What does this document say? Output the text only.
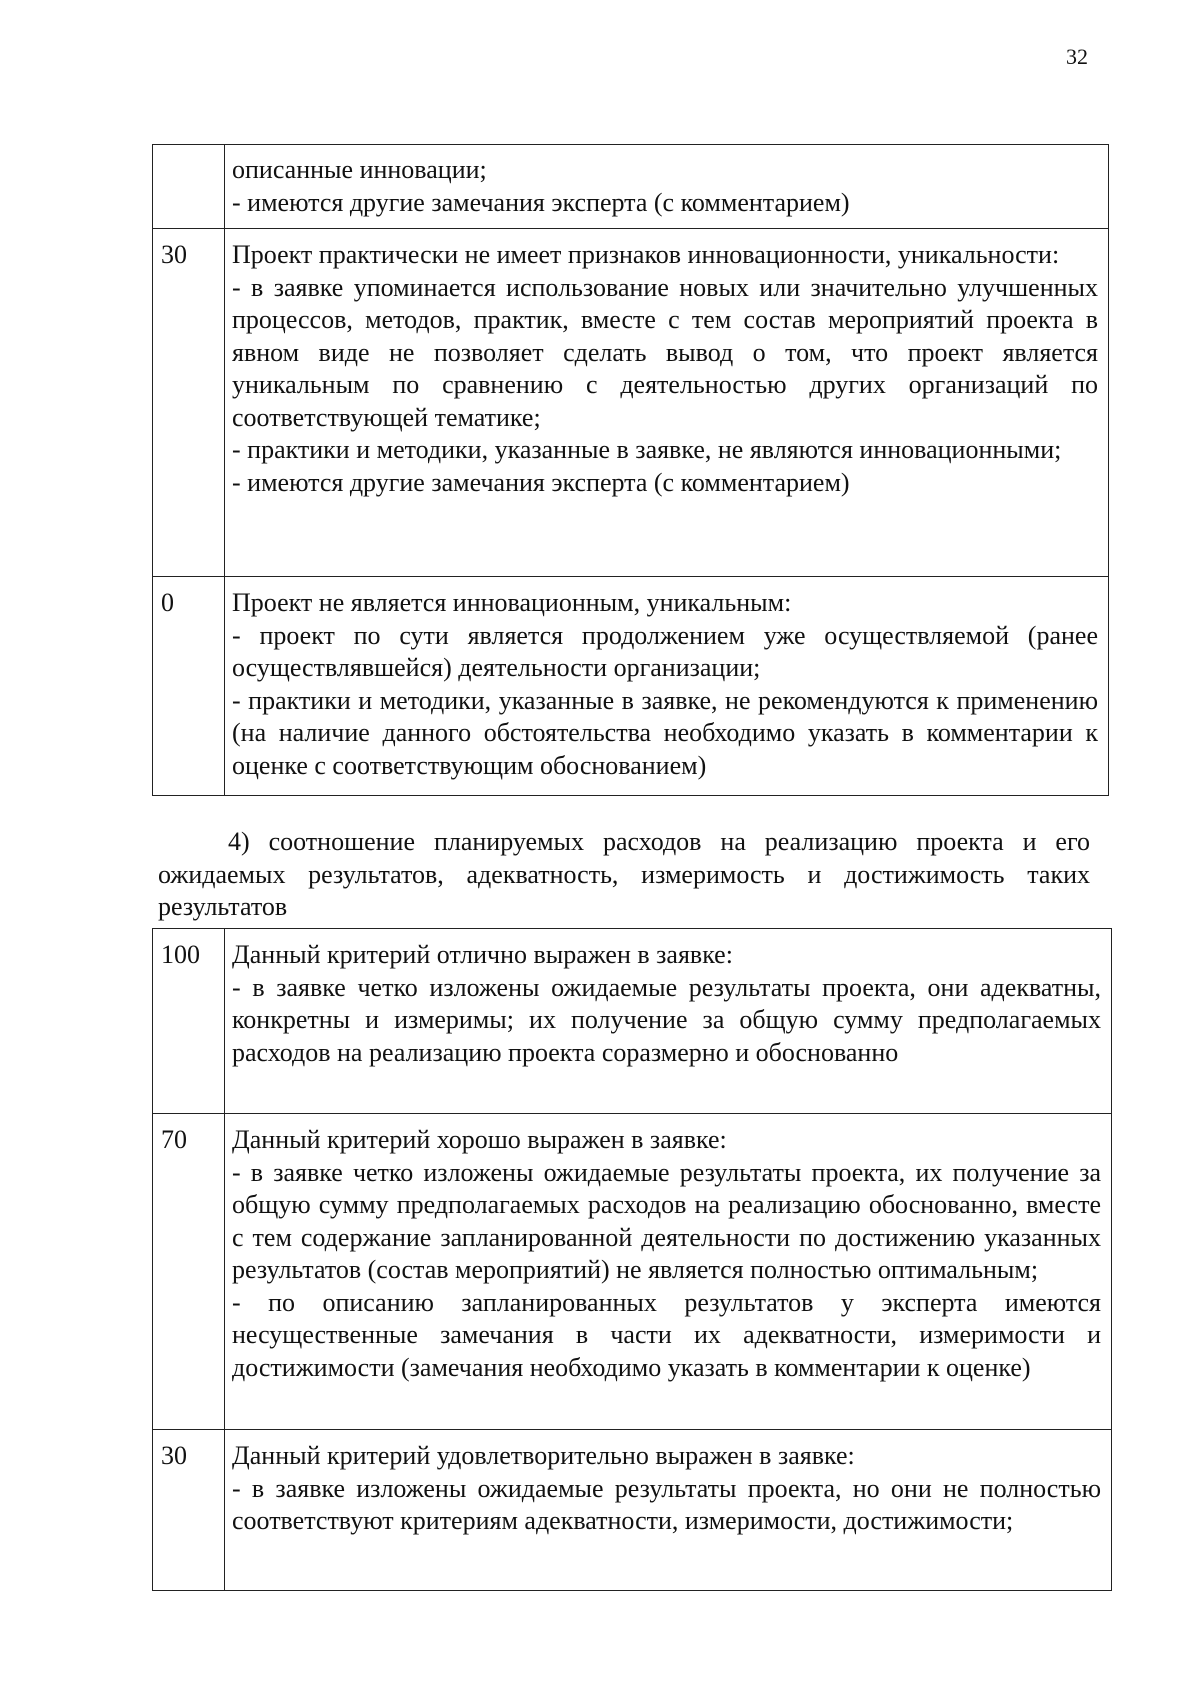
32

	описанные инновации;
- имеются другие замечания эксперта (с комментарием)

30	Проект практически не имеет признаков инновационности, уникальности:
- в заявке упоминается использование новых или значительно улучшенных процессов, методов, практик, вместе с тем состав мероприятий проекта в явном виде не позволяет сделать вывод о том, что проект является уникальным по сравнению с деятельностью других организаций по соответствующей тематике;
- практики и методики, указанные в заявке, не являются инновационными;
- имеются другие замечания эксперта (с комментарием)

0	Проект не является инновационным, уникальным:
- проект по сути является продолжением уже осуществляемой (ранее осуществлявшейся) деятельности организации;
- практики и методики, указанные в заявке, не рекомендуются к применению (на наличие данного обстоятельства необходимо указать в комментарии к оценке с соответствующим обоснованием)
4) соотношение планируемых расходов на реализацию проекта и его ожидаемых результатов, адекватность, измеримость и достижимость таких результатов
100	Данный критерий отлично выражен в заявке:
- в заявке четко изложены ожидаемые результаты проекта, они адекватны, конкретны и измеримы; их получение за общую сумму предполагаемых расходов на реализацию проекта соразмерно и обоснованно

70	Данный критерий хорошо выражен в заявке:
- в заявке четко изложены ожидаемые результаты проекта, их получение за общую сумму предполагаемых расходов на реализацию обоснованно, вместе с тем содержание запланированной деятельности по достижению указанных результатов (состав мероприятий) не является полностью оптимальным;
- по описанию запланированных результатов у эксперта имеются несущественные замечания в части их адекватности, измеримости и достижимости (замечания необходимо указать в комментарии к оценке)

30	Данный критерий удовлетворительно выражен в заявке:
- в заявке изложены ожидаемые результаты проекта, но они не полностью соответствуют критериям адекватности, измеримости, достижимости;
